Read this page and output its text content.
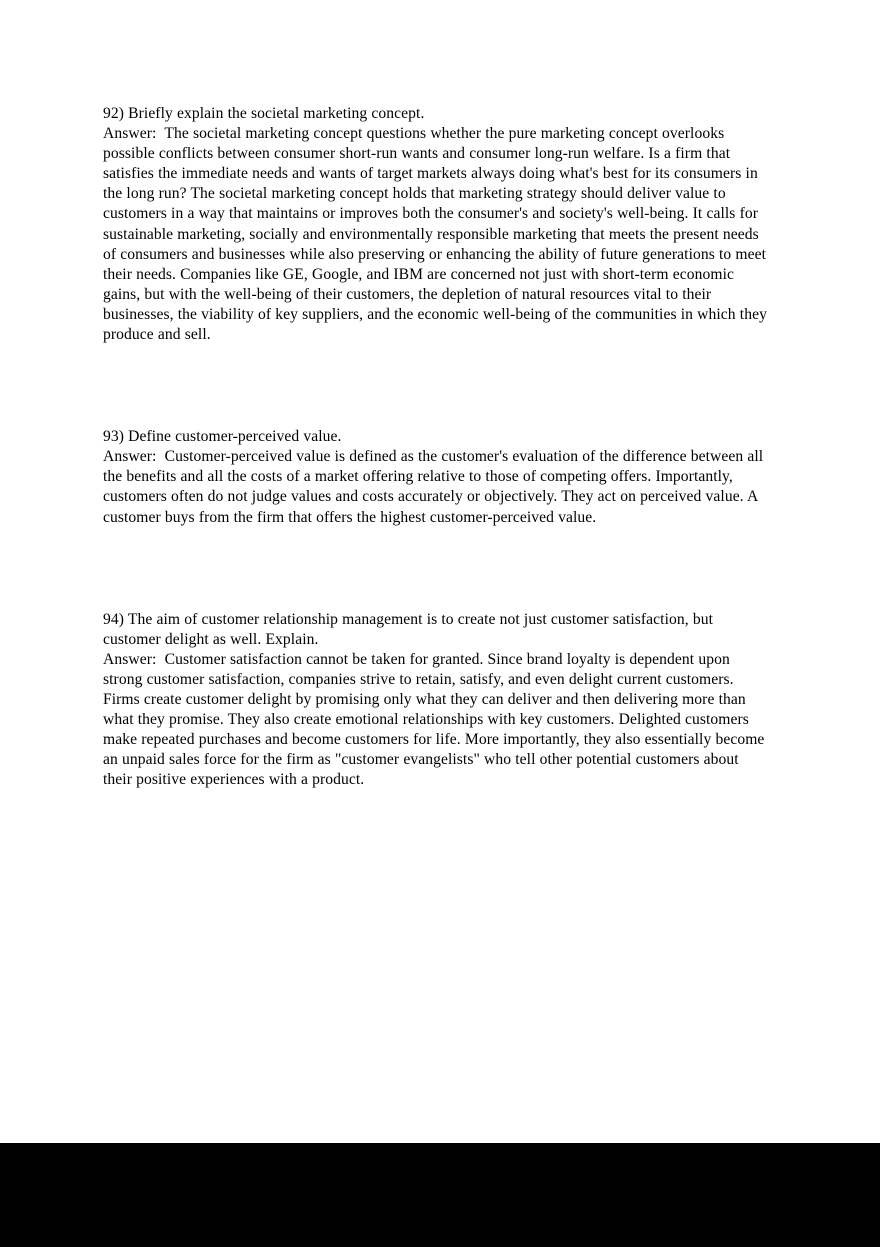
92) Briefly explain the societal marketing concept.

Answer:  The societal marketing concept questions whether the pure marketing concept overlooks possible conflicts between consumer short-run wants and consumer long-run welfare. Is a firm that satisfies the immediate needs and wants of target markets always doing what's best for its consumers in the long run? The societal marketing concept holds that marketing strategy should deliver value to customers in a way that maintains or improves both the consumer's and society's well-being. It calls for sustainable marketing, socially and environmentally responsible marketing that meets the present needs of consumers and businesses while also preserving or enhancing the ability of future generations to meet their needs. Companies like GE, Google, and IBM are concerned not just with short-term economic gains, but with the well-being of their customers, the depletion of natural resources vital to their businesses, the viability of key suppliers, and the economic well-being of the communities in which they produce and sell.

93) Define customer-perceived value.

Answer:  Customer-perceived value is defined as the customer's evaluation of the difference between all the benefits and all the costs of a market offering relative to those of competing offers. Importantly, customers often do not judge values and costs accurately or objectively. They act on perceived value. A customer buys from the firm that offers the highest customer-perceived value.

94) The aim of customer relationship management is to create not just customer satisfaction, but customer delight as well. Explain.

Answer:  Customer satisfaction cannot be taken for granted. Since brand loyalty is dependent upon strong customer satisfaction, companies strive to retain, satisfy, and even delight current customers. Firms create customer delight by promising only what they can deliver and then delivering more than what they promise. They also create emotional relationships with key customers. Delighted customers make repeated purchases and become customers for life. More importantly, they also essentially become an unpaid sales force for the firm as "customer evangelists" who tell other potential customers about their positive experiences with a product.
